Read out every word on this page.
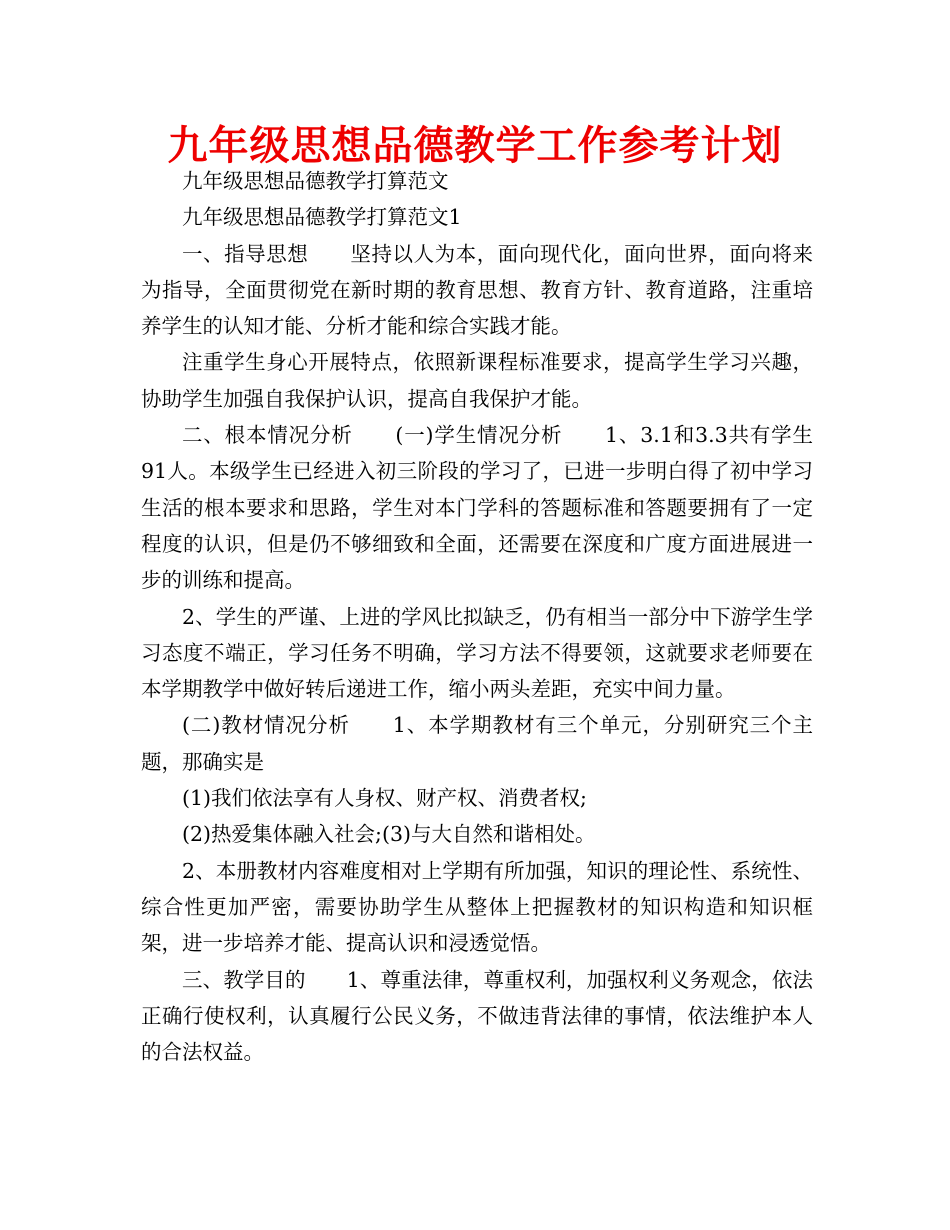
九年级思想品德教学工作参考计划

九年级思想品德教学打算范文

九年级思想品德教学打算范文1

一、指导思想　　坚持以人为本，面向现代化，面向世界，面向将来为指导，全面贯彻党在新时期的教育思想、教育方针、教育道路，注重培养学生的认知才能、分析才能和综合实践才能。

注重学生身心开展特点，依照新课程标准要求，提高学生学习兴趣，协助学生加强自我保护认识，提高自我保护才能。

二、根本情况分析　　(一)学生情况分析　　1、3.1和3.3共有学生91人。本级学生已经进入初三阶段的学习了，已进一步明白得了初中学习生活的根本要求和思路，学生对本门学科的答题标准和答题要拥有了一定程度的认识，但是仍不够细致和全面，还需要在深度和广度方面进展进一步的训练和提高。

2、学生的严谨、上进的学风比拟缺乏，仍有相当一部分中下游学生学习态度不端正，学习任务不明确，学习方法不得要领，这就要求老师要在本学期教学中做好转后递进工作，缩小两头差距，充实中间力量。

(二)教材情况分析　　1、本学期教材有三个单元，分别研究三个主题，那确实是

(1)我们依法享有人身权、财产权、消费者权;

(2)热爱集体融入社会;(3)与大自然和谐相处。

2、本册教材内容难度相对上学期有所加强，知识的理论性、系统性、综合性更加严密，需要协助学生从整体上把握教材的知识构造和知识框架，进一步培养才能、提高认识和浸透觉悟。

三、教学目的　　1、尊重法律，尊重权利，加强权利义务观念，依法正确行使权利，认真履行公民义务，不做违背法律的事情，依法维护本人的合法权益。
